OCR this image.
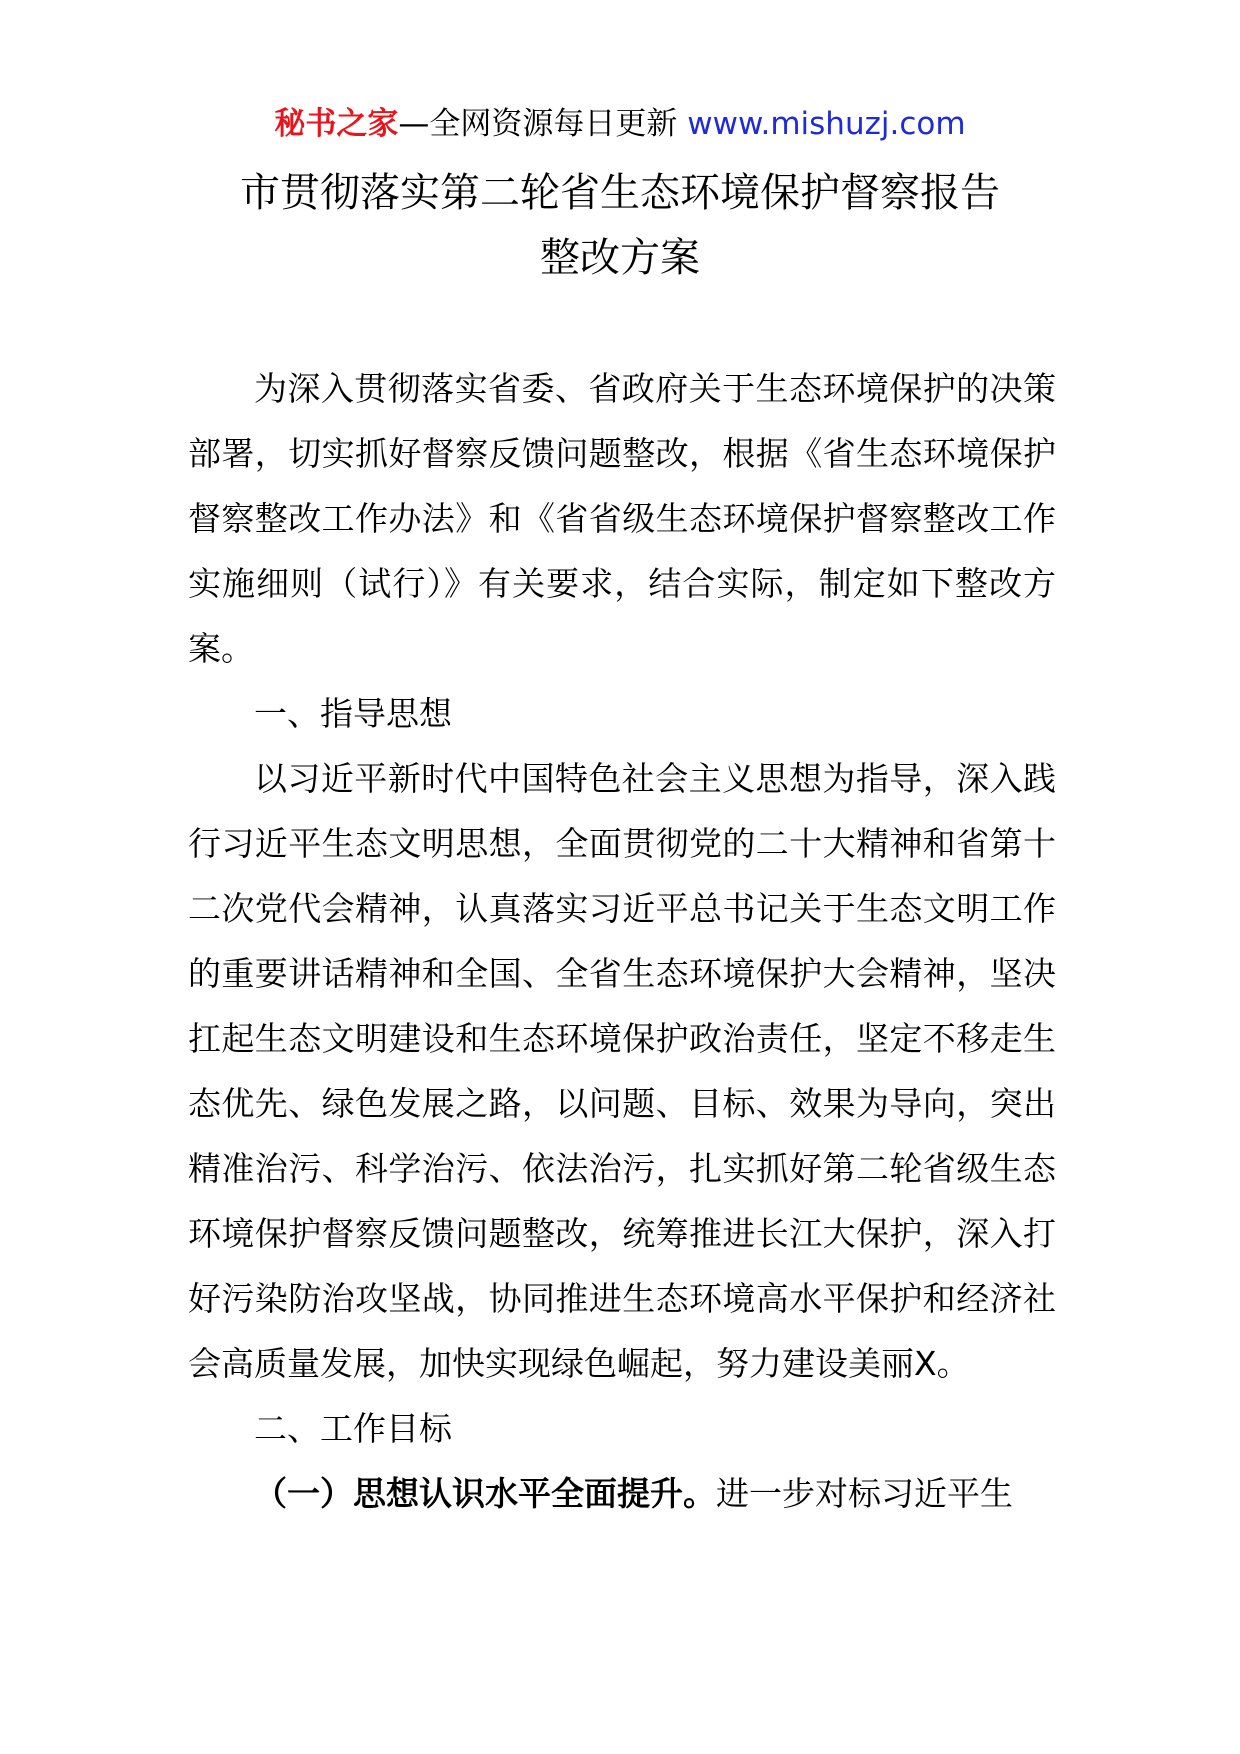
秘书之家—全网资源每日更新 www.mishuzj.com
市贯彻落实第二轮省生态环境保护督察报告
整改方案

为深入贯彻落实省委、省政府关于生态环境保护的决策部署，切实抓好督察反馈问题整改，根据《省生态环境保护督察整改工作办法》和《省省级生态环境保护督察整改工作实施细则（试行）》有关要求，结合实际，制定如下整改方案。

一、指导思想

以习近平新时代中国特色社会主义思想为指导，深入践行习近平生态文明思想，全面贯彻党的二十大精神和省第十二次党代会精神，认真落实习近平总书记关于生态文明工作的重要讲话精神和全国、全省生态环境保护大会精神，坚决扛起生态文明建设和生态环境保护政治责任，坚定不移走生态优先、绿色发展之路，以问题、目标、效果为导向，突出精准治污、科学治污、依法治污，扎实抓好第二轮省级生态环境保护督察反馈问题整改，统筹推进长江大保护，深入打好污染防治攻坚战，协同推进生态环境高水平保护和经济社会高质量发展，加快实现绿色崛起，努力建设美丽X。

二、工作目标

（一）思想认识水平全面提升。进一步对标习近平生
